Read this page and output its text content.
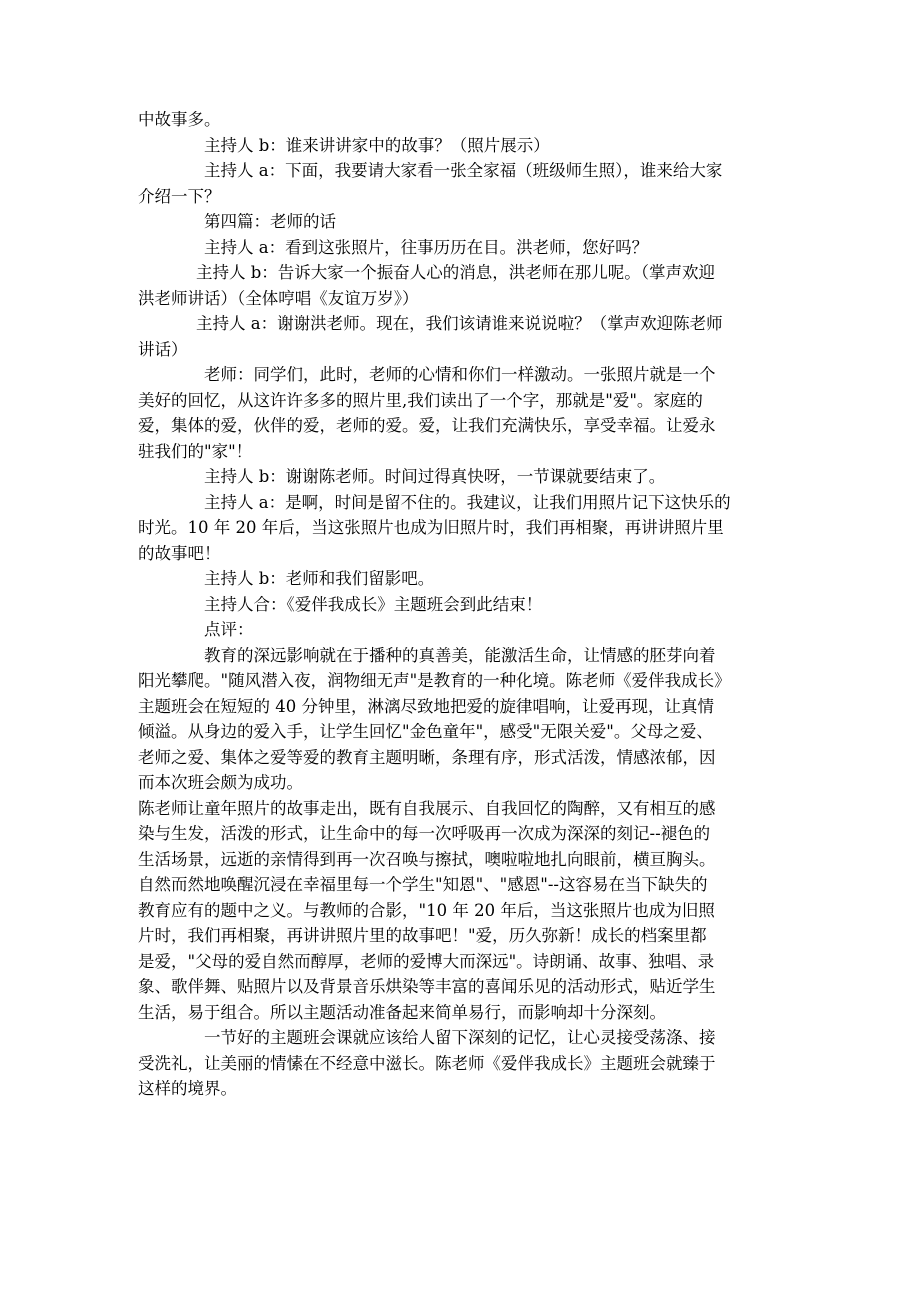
中故事多。
主持人 b：谁来讲讲家中的故事？（照片展示）
主持人 a：下面，我要请大家看一张全家福（班级师生照），谁来给大家
介绍一下？
第四篇：老师的话
主持人 a：看到这张照片，往事历历在目。洪老师，您好吗？
主持人 b：告诉大家一个振奋人心的消息，洪老师在那儿呢。（掌声欢迎
洪老师讲话）（全体哼唱《友谊万岁》）
主持人 a：谢谢洪老师。现在，我们该请谁来说说啦？（掌声欢迎陈老师
讲话）
老师：同学们，此时，老师的心情和你们一样激动。一张照片就是一个
美好的回忆，从这许许多多的照片里,我们读出了一个字，那就是"爱"。家庭的
爱，集体的爱，伙伴的爱，老师的爱。爱，让我们充满快乐，享受幸福。让爱永
驻我们的"家"！
主持人 b：谢谢陈老师。时间过得真快呀，一节课就要结束了。
主持人 a：是啊，时间是留不住的。我建议，让我们用照片记下这快乐的
时光。10 年 20 年后，当这张照片也成为旧照片时，我们再相聚，再讲讲照片里
的故事吧！
主持人 b：老师和我们留影吧。
主持人合：《爱伴我成长》主题班会到此结束！
点评：
教育的深远影响就在于播种的真善美，能激活生命，让情感的胚芽向着
阳光攀爬。"随风潜入夜，润物细无声"是教育的一种化境。陈老师《爱伴我成长》
主题班会在短短的 40 分钟里，淋漓尽致地把爱的旋律唱响，让爱再现，让真情
倾溢。从身边的爱入手，让学生回忆"金色童年"，感受"无限关爱"。父母之爱、
老师之爱、集体之爱等爱的教育主题明晰，条理有序，形式活泼，情感浓郁，因
而本次班会颇为成功。
陈老师让童年照片的故事走出，既有自我展示、自我回忆的陶醉，又有相互的感
染与生发，活泼的形式，让生命中的每一次呼吸再一次成为深深的刻记--褪色的
生活场景，远逝的亲情得到再一次召唤与擦拭，噢啦啦地扎向眼前，横亘胸头。
自然而然地唤醒沉浸在幸福里每一个学生"知恩"、"感恩"--这容易在当下缺失的
教育应有的题中之义。与教师的合影，"10 年 20 年后，当这张照片也成为旧照
片时，我们再相聚，再讲讲照片里的故事吧！"爱，历久弥新！成长的档案里都
是爱，"父母的爱自然而醇厚，老师的爱博大而深远"。诗朗诵、故事、独唱、录
象、歌伴舞、贴照片以及背景音乐烘染等丰富的喜闻乐见的活动形式，贴近学生
生活，易于组合。所以主题活动准备起来简单易行，而影响却十分深刻。
一节好的主题班会课就应该给人留下深刻的记忆，让心灵接受荡涤、接
受洗礼，让美丽的情愫在不经意中滋长。陈老师《爱伴我成长》主题班会就臻于
这样的境界。
